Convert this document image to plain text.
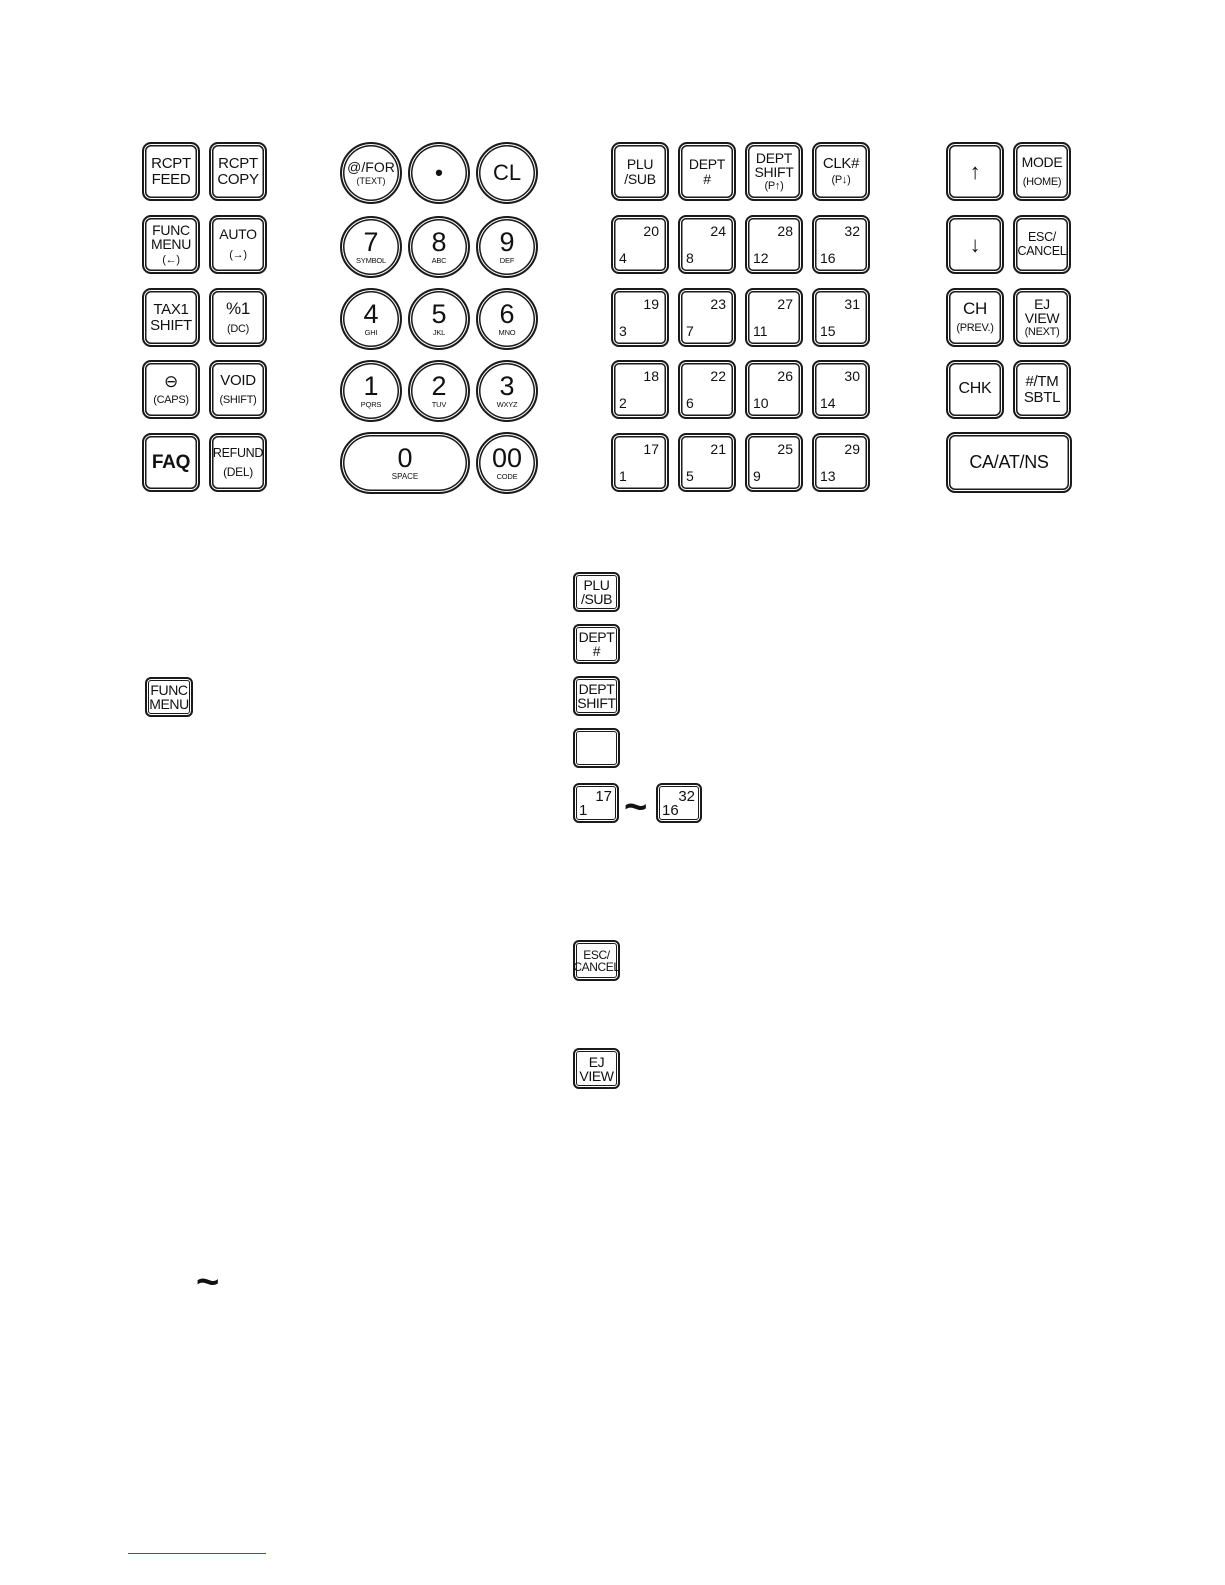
RCPT
FEED
RCPT
COPY
FUNC
MENU
(←)
AUTO
(→)
TAX1
SHIFT
%1
(DC)
⊖
(CAPS)
VOID
(SHIFT)
FAQ REFUND
(DEL)
@/FOR
(TEXT) • CL
7
SYMBOL
8
ABC
9
DEF
4
GHI
5
JKL
6
MNO
1
PQRS
2
TUV
3
WXYZ
0
SPACE
00
CODE
PLU
/SUB
DEPT
#
DEPT
SHIFT
(P↑)
CLK#
(P↓)
20
4
24
8
28
12
32
16
19
3
23
7
27
11
31
15
18
2
22
6
26
10
30
14
17
1
21
5
25
9
29
13
↑	MODE
(HOME)
↓	ESC/
CANCEL
CH
(PREV.)
EJ
VIEW
(NEXT)
CHK #/TM
SBTL
CA/AT/NS
FUNC
MENU
PLU
/SUB
DEPT
#
DEPT
SHIFT
17
1 ~ 32
16
ESC/
CANCEL
EJ
VIEW
~
